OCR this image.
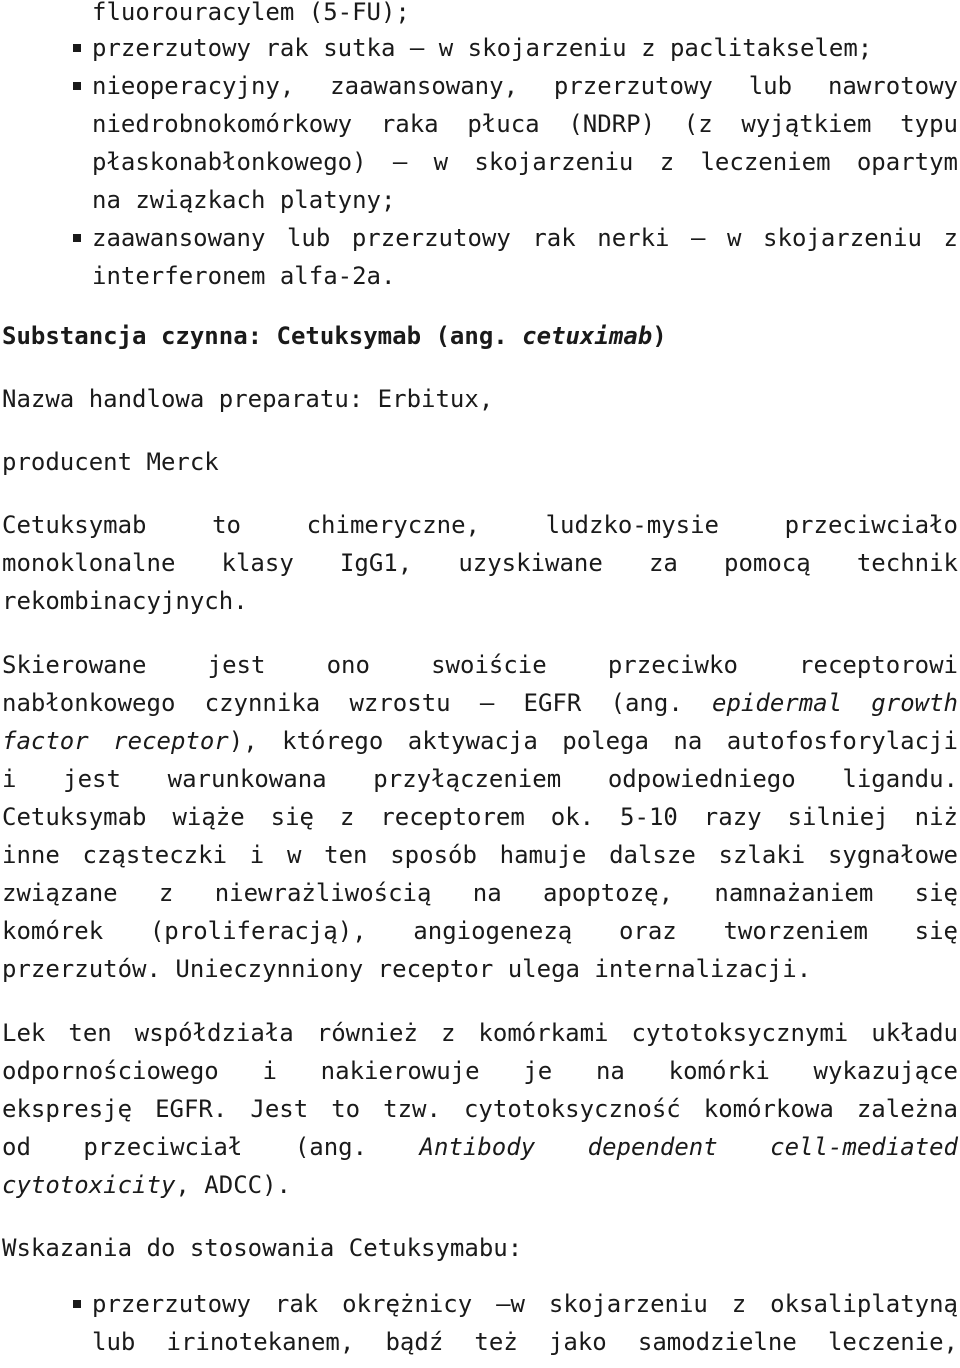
fluorouracylem (5-FU);
przerzutowy rak sutka – w skojarzeniu z paclitakselem;
nieoperacyjny, zaawansowany, przerzutowy lub nawrotowy
niedrobnokomórkowy raka płuca (NDRP) (z wyjątkiem typu
płaskonabłonkowego) – w skojarzeniu z leczeniem opartym
na związkach platyny;
zaawansowany lub przerzutowy rak nerki – w skojarzeniu z
interferonem alfa-2a.
Substancja czynna: Cetuksymab (ang. cetuximab)
Nazwa handlowa preparatu: Erbitux,
producent Merck
Cetuksymab to chimeryczne, ludzko-mysie przeciwciało
monoklonalne klasy IgG1, uzyskiwane za pomocą technik
rekombinacyjnych.
Skierowane jest ono swoiście przeciwko receptorowi
nabłonkowego czynnika wzrostu – EGFR (ang. epidermal growth
factor receptor), którego aktywacja polega na autofosforylacji
i jest warunkowana przyłączeniem odpowiedniego ligandu.
Cetuksymab wiąże się z receptorem ok. 5-10 razy silniej niż
inne cząsteczki i w ten sposób hamuje dalsze szlaki sygnałowe
związane z niewrażliwością na apoptozę, namnażaniem się
komórek (proliferacją), angiogenezą oraz tworzeniem się
przerzutów. Unieczynniony receptor ulega internalizacji.
Lek ten współdziała również z komórkami cytotoksycznymi układu
odpornościowego i nakierowuje je na komórki wykazujące
ekspresję EGFR. Jest to tzw. cytotoksyczność komórkowa zależna
od przeciwciał (ang. Antibody dependent cell-mediated
cytotoxicity, ADCC).
Wskazania do stosowania Cetuksymabu:
przerzutowy rak okrężnicy –w skojarzeniu z oksaliplatyną
lub irinotekanem, bądź też jako samodzielne leczenie,
